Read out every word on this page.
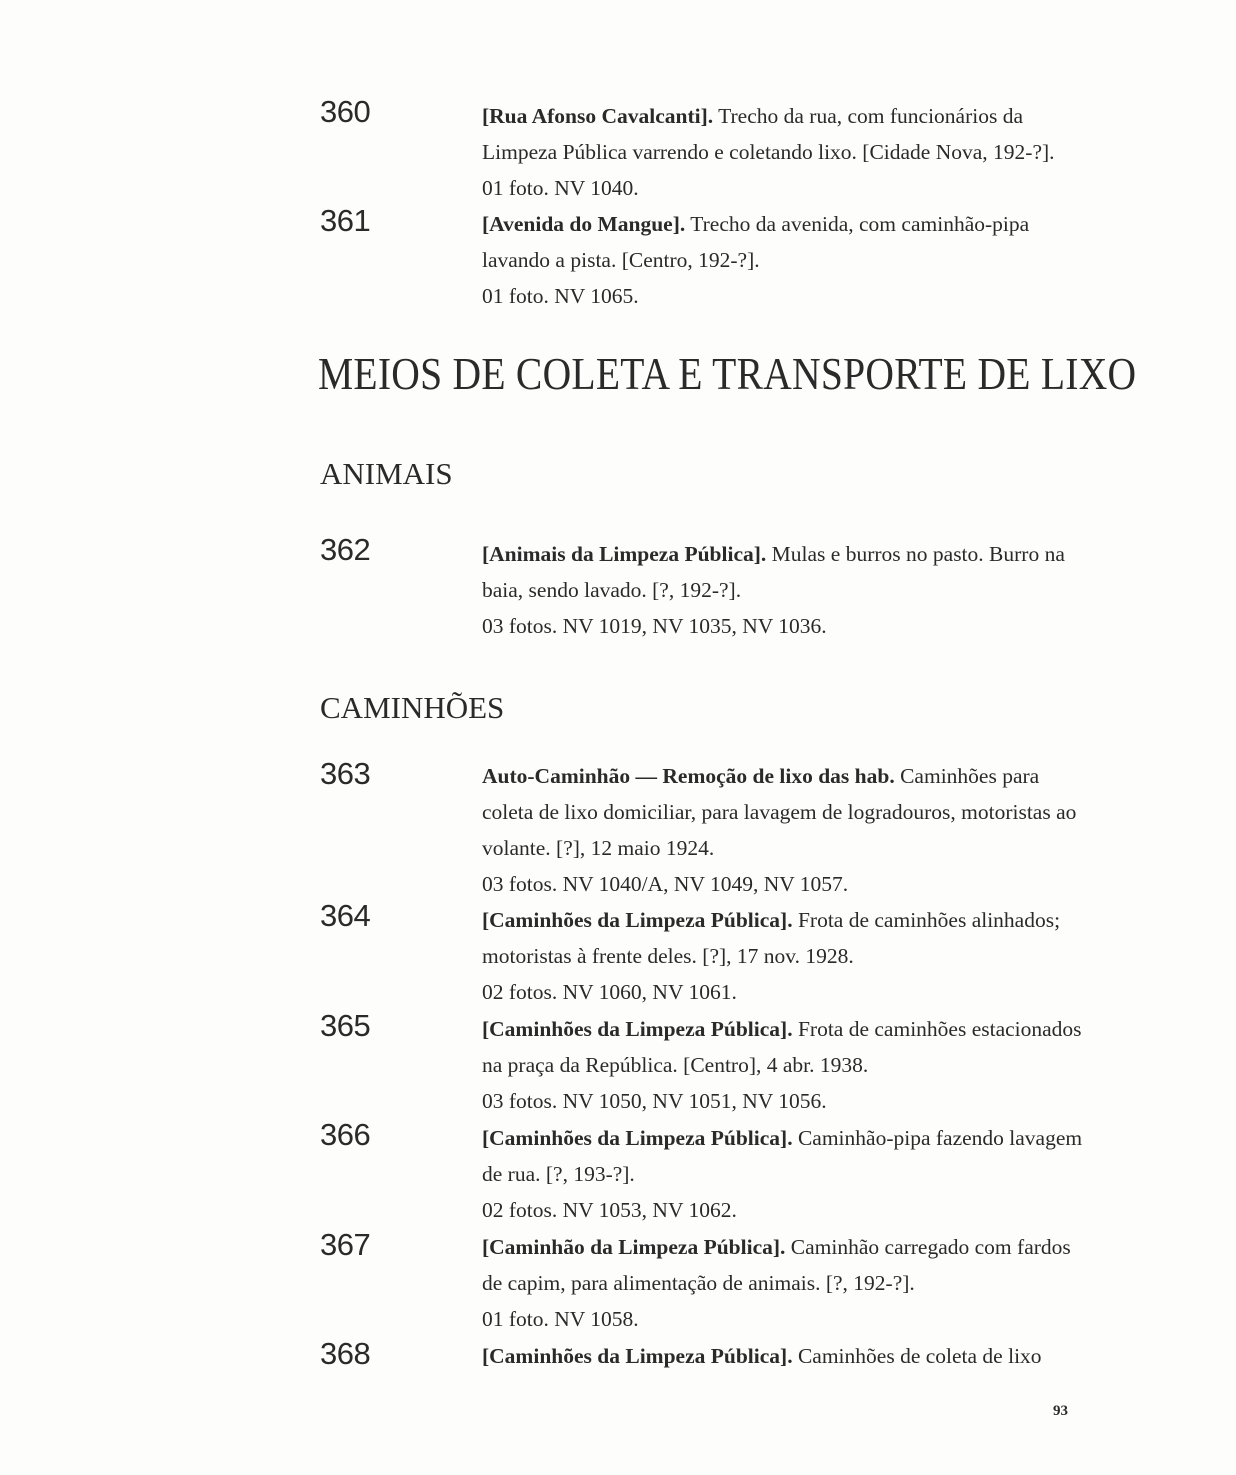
360	[Rua Afonso Cavalcanti]. Trecho da rua, com funcionários da
Limpeza Pública varrendo e coletando lixo. [Cidade Nova, 192-?].
01 foto. NV 1040.
361	[Avenida do Mangue]. Trecho da avenida, com caminhão-pipa
lavando a pista. [Centro, 192-?].
01 foto. NV 1065.
MEIOS DE COLETA E TRANSPORTE DE LIXO
ANIMAIS
362	[Animais da Limpeza Pública]. Mulas e burros no pasto. Burro na
baia, sendo lavado. [?, 192-?].
03 fotos. NV 1019, NV 1035, NV 1036.
CAMINHÕES
363	Auto-Caminhão — Remoção de lixo das hab. Caminhões para
coleta de lixo domiciliar, para lavagem de logradouros, motoristas ao
volante. [?], 12 maio 1924.
03 fotos. NV 1040/A, NV 1049, NV 1057.
364	[Caminhões da Limpeza Pública]. Frota de caminhões alinhados;
motoristas à frente deles. [?], 17 nov. 1928.
02 fotos. NV 1060, NV 1061.
365	[Caminhões da Limpeza Pública]. Frota de caminhões estacionados
na praça da República. [Centro], 4 abr. 1938.
03 fotos. NV 1050, NV 1051, NV 1056.
366	[Caminhões da Limpeza Pública]. Caminhão-pipa fazendo lavagem
de rua. [?, 193-?].
02 fotos. NV 1053, NV 1062.
367	[Caminhão da Limpeza Pública]. Caminhão carregado com fardos
de capim, para alimentação de animais. [?, 192-?].
01 foto. NV 1058.
368	[Caminhões da Limpeza Pública]. Caminhões de coleta de lixo
93
